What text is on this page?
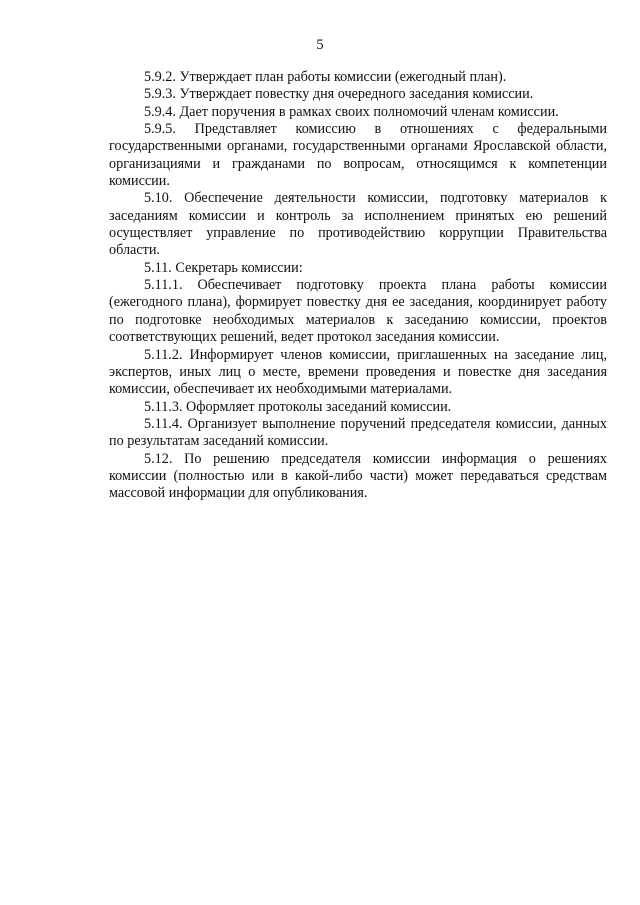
5

5.9.2. Утверждает план работы комиссии (ежегодный план).

5.9.3. Утверждает повестку дня очередного заседания комиссии.

5.9.4. Дает поручения в рамках своих полномочий членам комиссии.

5.9.5. Представляет комиссию в отношениях с федеральными государственными органами, государственными органами Ярославской области, организациями и гражданами по вопросам, относящимся к компетенции комиссии.

5.10. Обеспечение деятельности комиссии, подготовку материалов к заседаниям комиссии и контроль за исполнением принятых ею решений осуществляет управление по противодействию коррупции Правительства области.

5.11. Секретарь комиссии:

5.11.1. Обеспечивает подготовку проекта плана работы комиссии (ежегодного плана), формирует повестку дня ее заседания, координирует работу по подготовке необходимых материалов к заседанию комиссии, проектов соответствующих решений, ведет протокол заседания комиссии.

5.11.2. Информирует членов комиссии, приглашенных на заседание лиц, экспертов, иных лиц о месте, времени проведения и повестке дня заседания комиссии, обеспечивает их необходимыми материалами.

5.11.3. Оформляет протоколы заседаний комиссии.

5.11.4. Организует выполнение поручений председателя комиссии, данных по результатам заседаний комиссии.

5.12. По решению председателя комиссии информация о решениях комиссии (полностью или в какой-либо части) может передаваться средствам массовой информации для опубликования.
